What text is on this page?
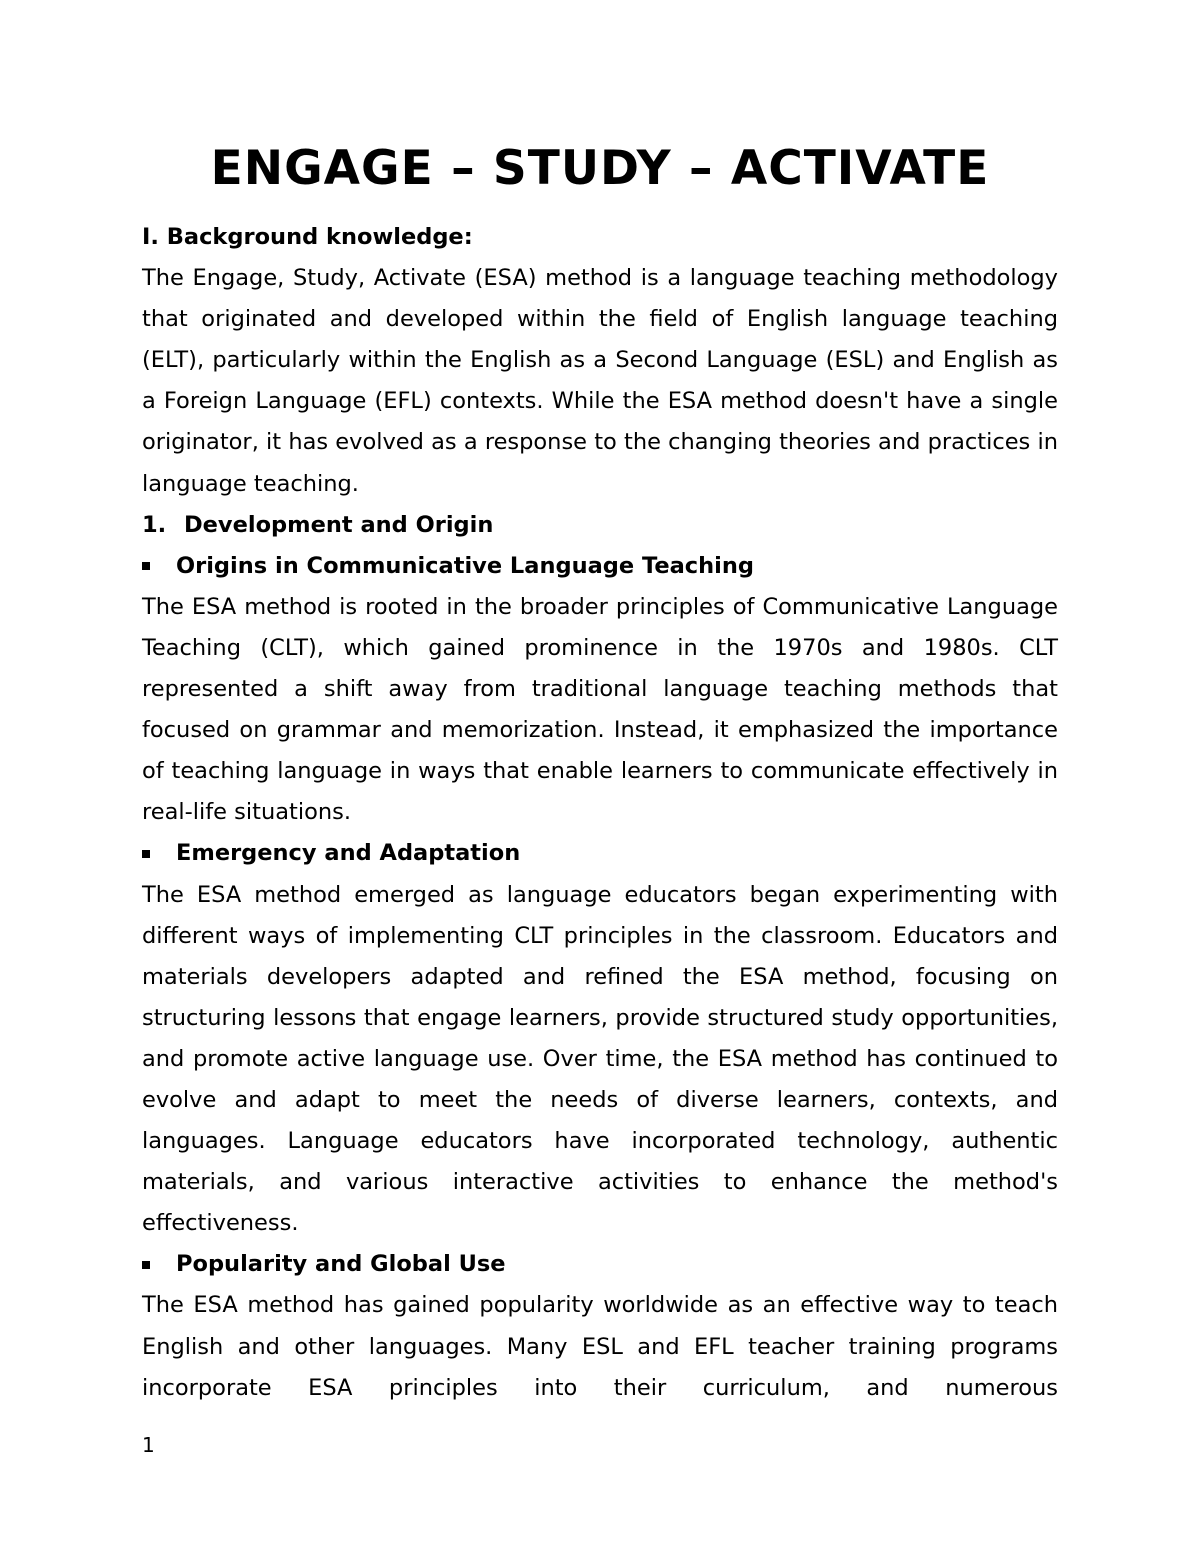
ENGAGE – STUDY – ACTIVATE
I. Background knowledge:

The Engage, Study, Activate (ESA) method is a language teaching methodology that originated and developed within the field of English language teaching (ELT), particularly within the English as a Second Language (ESL) and English as a Foreign Language (EFL) contexts. While the ESA method doesn't have a single originator, it has evolved as a response to the changing theories and practices in language teaching.

1. Development and Origin
Origins in Communicative Language Teaching

The ESA method is rooted in the broader principles of Communicative Language Teaching (CLT), which gained prominence in the 1970s and 1980s. CLT represented a shift away from traditional language teaching methods that focused on grammar and memorization. Instead, it emphasized the importance of teaching language in ways that enable learners to communicate effectively in real-life situations.

Emergency and Adaptation

The ESA method emerged as language educators began experimenting with different ways of implementing CLT principles in the classroom. Educators and materials developers adapted and refined the ESA method, focusing on structuring lessons that engage learners, provide structured study opportunities, and promote active language use. Over time, the ESA method has continued to evolve and adapt to meet the needs of diverse learners, contexts, and languages. Language educators have incorporated technology, authentic materials, and various interactive activities to enhance the method's effectiveness.

Popularity and Global Use

The ESA method has gained popularity worldwide as an effective way to teach English and other languages. Many ESL and EFL teacher training programs incorporate ESA principles into their curriculum, and numerous

1
